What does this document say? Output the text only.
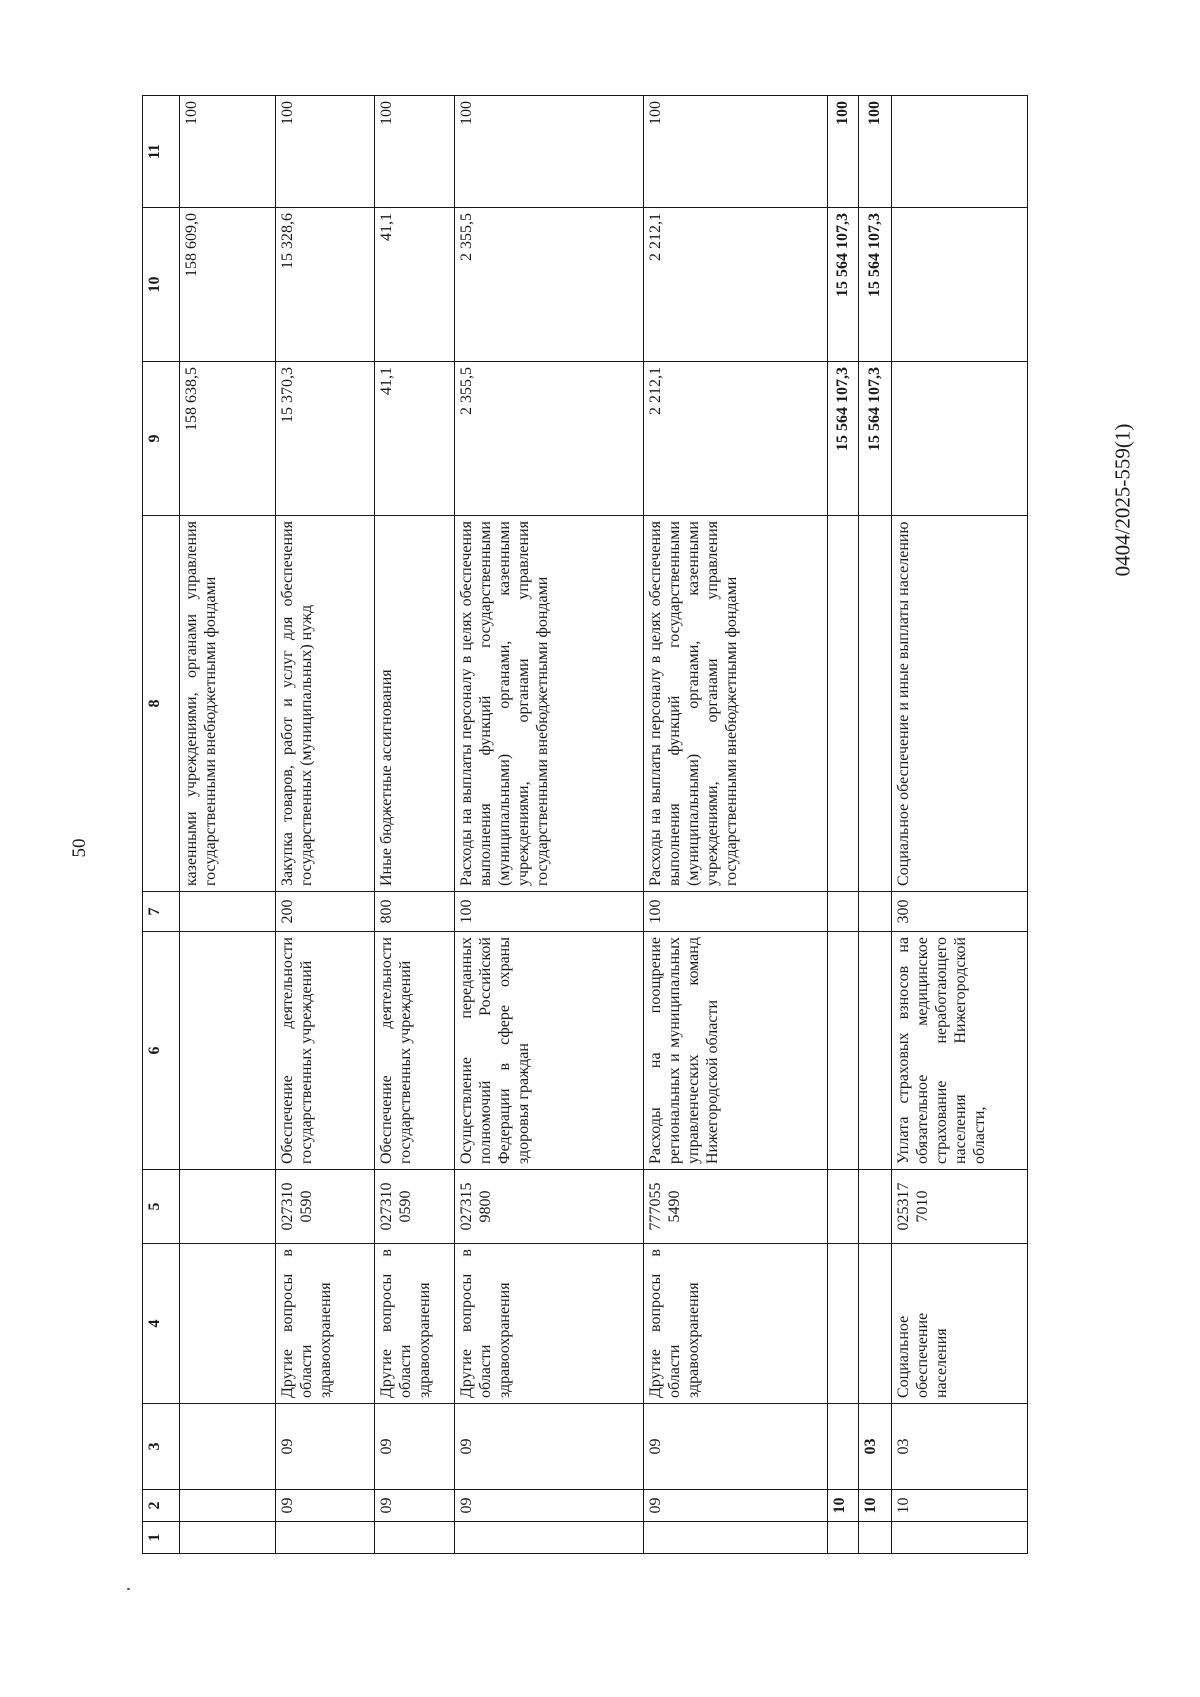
50
0404/2025-559(1)
1	2	3	4	5	6	7	8	9	10	11
							казенными учреждениями, органами управления государственными внебюджетными фондами	158 638,5	158 609,0	100
	09	09	Другие вопросы в области здравоохранения	027310 0590	Обеспечение деятельности государственных учреждений	200	Закупка товаров, работ и услуг для обеспечения государственных (муниципальных) нужд	15 370,3	15 328,6	100
	09	09	Другие вопросы в области здравоохранения	027310 0590	Обеспечение деятельности государственных учреждений	800	Иные бюджетные ассигнования	41,1	41,1	100
	09	09	Другие вопросы в области здравоохранения	027315 9800	Осуществление переданных полномочий Российской Федерации в сфере охраны здоровья граждан	100	Расходы на выплаты персоналу в целях обеспечения выполнения функций государственными (муниципальными) органами, казенными учреждениями, органами управления государственными внебюджетными фондами	2 355,5	2 355,5	100
	09	09	Другие вопросы в области здравоохранения	777055 5490	Расходы на поощрение региональных и муниципальных управленческих команд Нижегородской области	100	Расходы на выплаты персоналу в целях обеспечения выполнения функций государственными (муниципальными) органами, казенными учреждениями, органами управления государственными внебюджетными фондами	2 212,1	2 212,1	100
	10							15 564 107,3	15 564 107,3	100
	10	03						15 564 107,3	15 564 107,3	100
	10	03	Социальное обеспечение населения	025317 7010	Уплата страховых взносов на обязательное медицинское страхование неработающего населения Нижегородской области,	300	Социальное обеспечение и иные выплаты населению			
